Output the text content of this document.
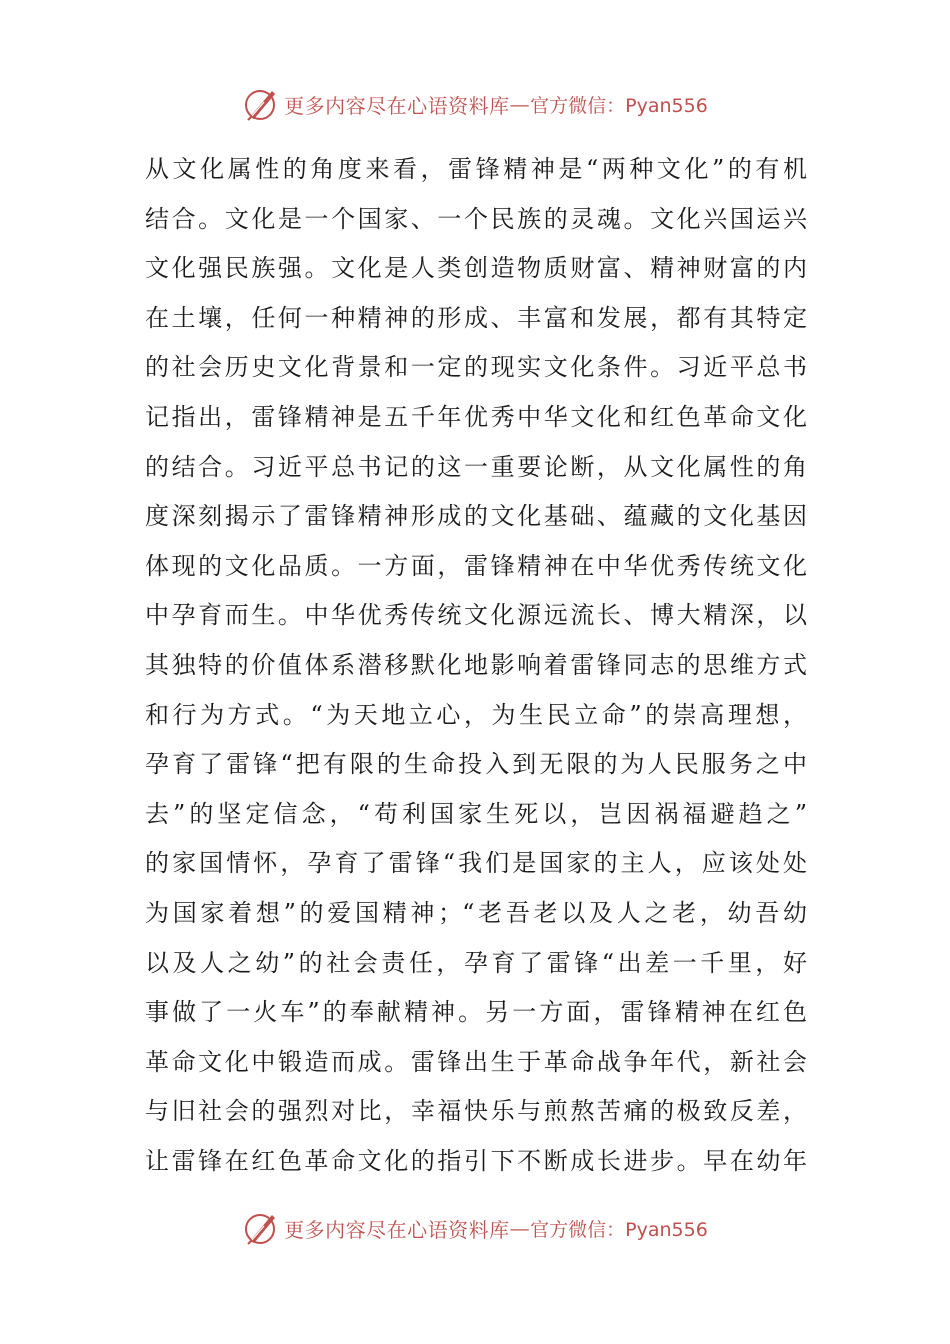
更多内容尽在心语资料库 — 官方微信：Pyan556
从文化属性的角度来看，雷锋精神是“两种文化”的有机
结合。文化是一个国家、一个民族的灵魂。文化兴国运兴
文化强民族强。文化是人类创造物质财富、精神财富的内
在土壤，任何一种精神的形成、丰富和发展，都有其特定
的社会历史文化背景和一定的现实文化条件。习近平总书
记指出，雷锋精神是五千年优秀中华文化和红色革命文化
的结合。习近平总书记的这一重要论断，从文化属性的角
度深刻揭示了雷锋精神形成的文化基础、蕴藏的文化基因
体现的文化品质。一方面，雷锋精神在中华优秀传统文化
中孕育而生。中华优秀传统文化源远流长、博大精深，以
其独特的价值体系潜移默化地影响着雷锋同志的思维方式
和行为方式。“为天地立心，为生民立命”的崇高理想，
孕育了雷锋“把有限的生命投入到无限的为人民服务之中
去”的坚定信念，“苟利国家生死以，岂因祸福避趋之”
的家国情怀，孕育了雷锋“我们是国家的主人，应该处处
为国家着想”的爱国精神；“老吾老以及人之老，幼吾幼
以及人之幼”的社会责任，孕育了雷锋“出差一千里，好
事做了一火车”的奉献精神。另一方面，雷锋精神在红色
革命文化中锻造而成。雷锋出生于革命战争年代，新社会
与旧社会的强烈对比，幸福快乐与煎熬苦痛的极致反差，
让雷锋在红色革命文化的指引下不断成长进步。早在幼年
更多内容尽在心语资料库 — 官方微信：Pyan556
